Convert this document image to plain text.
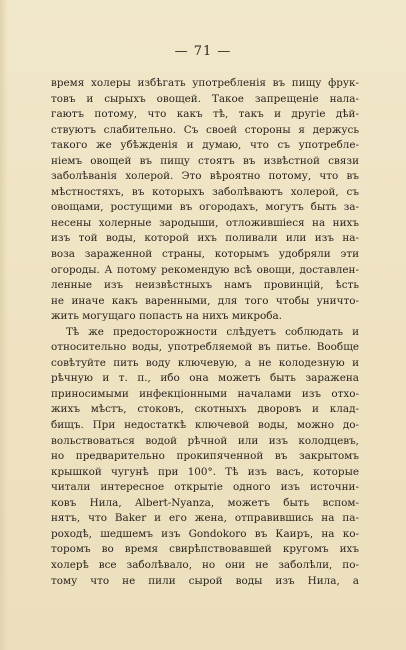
— 71 —

время холеры избѣгать употребленія въ пищу фрук-
товъ и сырыхъ овощей. Такое запрещеніе нала-
гаютъ потому, что какъ тѣ, такъ и другіе дѣй-
ствуютъ слабительно. Съ своей стороны я держусь
такого же убѣжденія и думаю, что съ употребле-
ніемъ овощей въ пищу стоятъ въ извѣстной связи
заболѣванія холерой. Это вѣроятно потому, что въ
мѣстностяхъ, въ которыхъ заболѣваютъ холерой, съ
овощами, ростущими въ огородахъ, могутъ быть за-
несены холерные зародыши, отложившіеся на нихъ
изъ той воды, которой ихъ поливали или изъ на-
воза зараженной страны, которымъ удобряли эти
огороды. А потому рекомендую всѣ овощи, доставлен-
ленные изъ неизвѣстныхъ намъ провинцій, ѣсть
не иначе какъ варенными, для того чтобы уничто-
жить могущаго попасть на нихъ микроба.
Тѣ же предосторожности слѣдуетъ соблюдать и
относительно воды, употребляемой въ питье. Вообще
совѣтуйте пить воду ключевую, а не колодезную и
рѣчную и т. п., ибо она можетъ быть заражена
приносимыми инфекціонными началами изъ отхо-
жихъ мѣстъ, стоковъ, скотныхъ дворовъ и клад-
бищъ. При недостаткѣ ключевой воды, можно до-
вольствоваться водой рѣчной или изъ колодцевъ,
но предварительно прокипяченной въ закрытомъ
крышкой чугунѣ при 100°. Тѣ изъ васъ, которые
читали интересное открытіе одного изъ источни-
ковъ Нила, Albert-Nyanza, можетъ быть вспом-
нятъ, что Baker и его жена, отправившись на па-
роходѣ, шедшемъ изъ Gondokoro въ Каиръ, на ко-
торомъ во время свирѣпствовавшей кругомъ ихъ
холерѣ все заболѣвало, но они не заболѣли, по-
тому что не пили сырой воды изъ Нила, а
